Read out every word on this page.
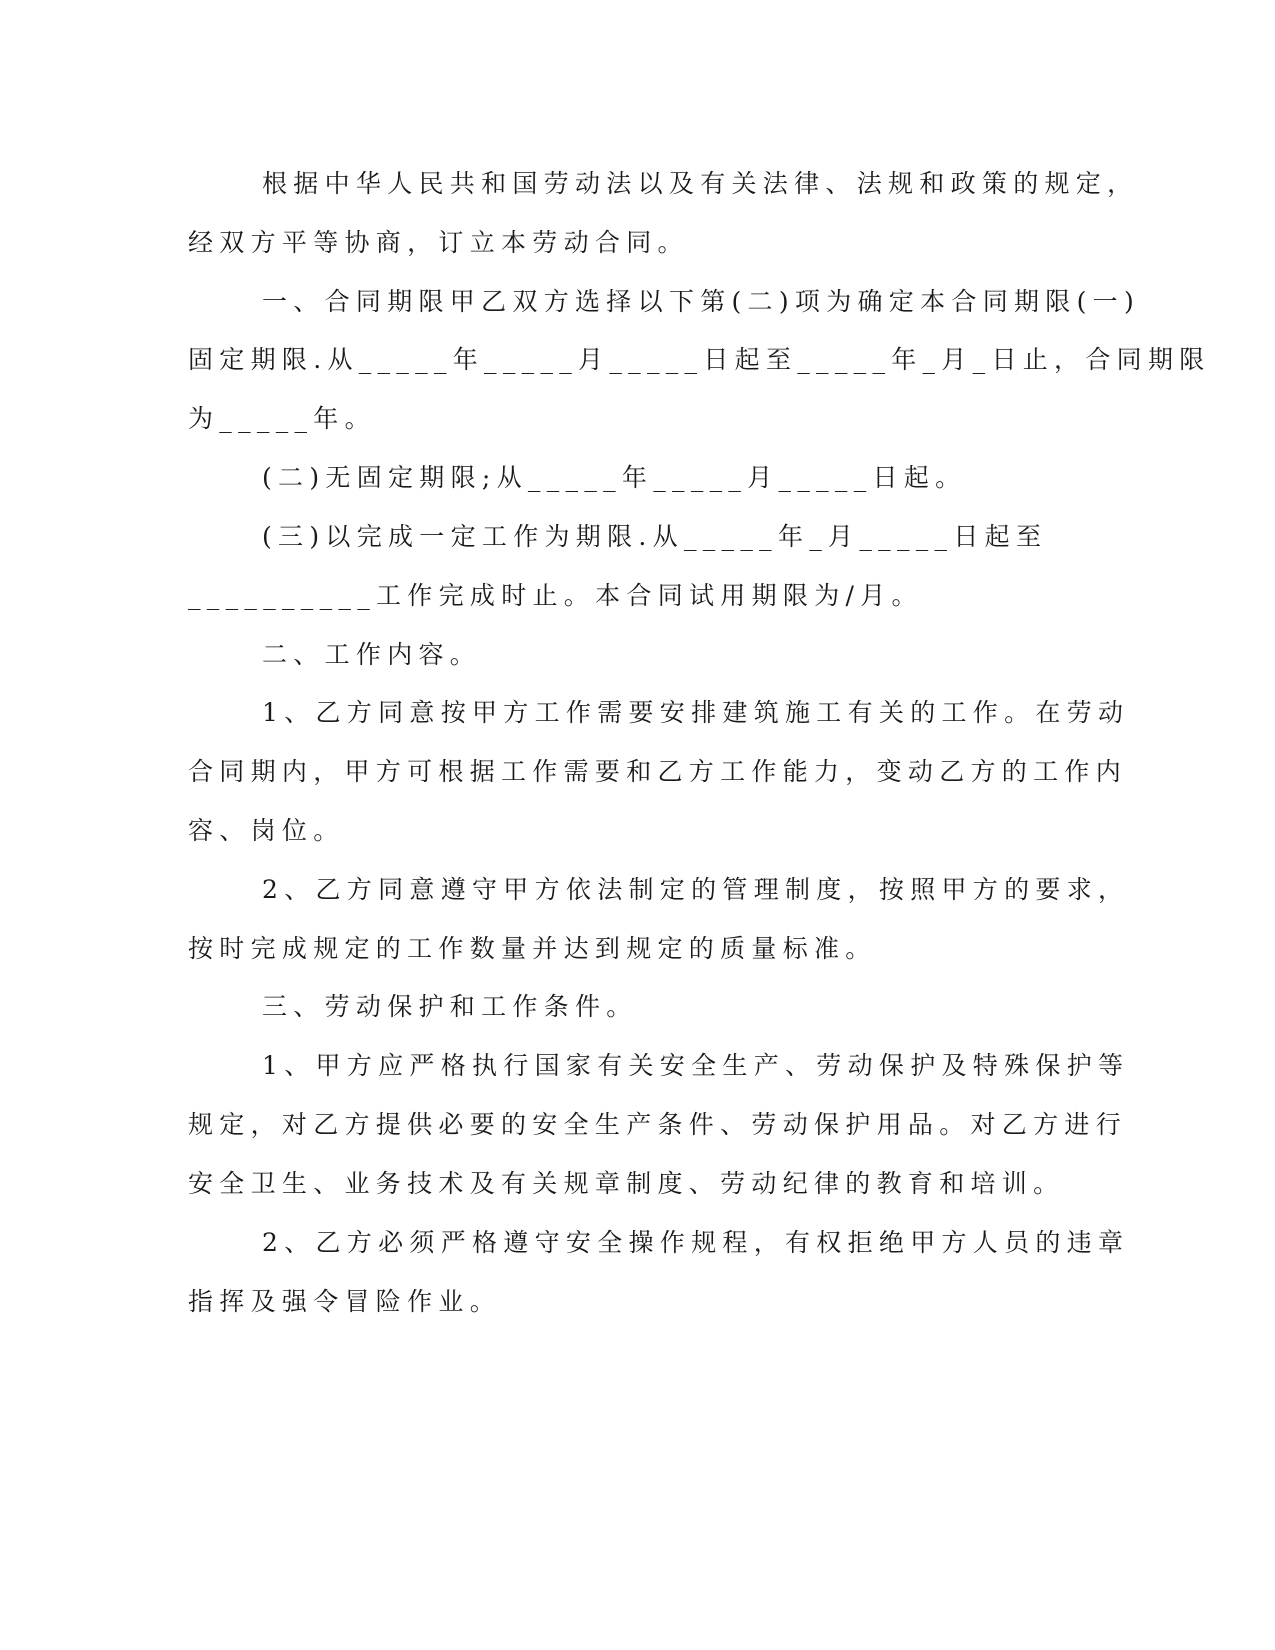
根据中华人民共和国劳动法以及有关法律、法规和政策的规定，
经双方平等协商，订立本劳动合同。
一、合同期限甲乙双方选择以下第(二)项为确定本合同期限(一)
固定期限.从_____年_____月_____日起至_____年_月_日止，合同期限
为_____年。
(二)无固定期限;从_____年_____月_____日起。
(三)以完成一定工作为期限.从_____年_月_____日起至
__________工作完成时止。本合同试用期限为/月。
二、工作内容。
1、乙方同意按甲方工作需要安排建筑施工有关的工作。在劳动
合同期内，甲方可根据工作需要和乙方工作能力，变动乙方的工作内
容、岗位。
2、乙方同意遵守甲方依法制定的管理制度，按照甲方的要求，
按时完成规定的工作数量并达到规定的质量标准。
三、劳动保护和工作条件。
1、甲方应严格执行国家有关安全生产、劳动保护及特殊保护等
规定，对乙方提供必要的安全生产条件、劳动保护用品。对乙方进行
安全卫生、业务技术及有关规章制度、劳动纪律的教育和培训。
2、乙方必须严格遵守安全操作规程，有权拒绝甲方人员的违章
指挥及强令冒险作业。
